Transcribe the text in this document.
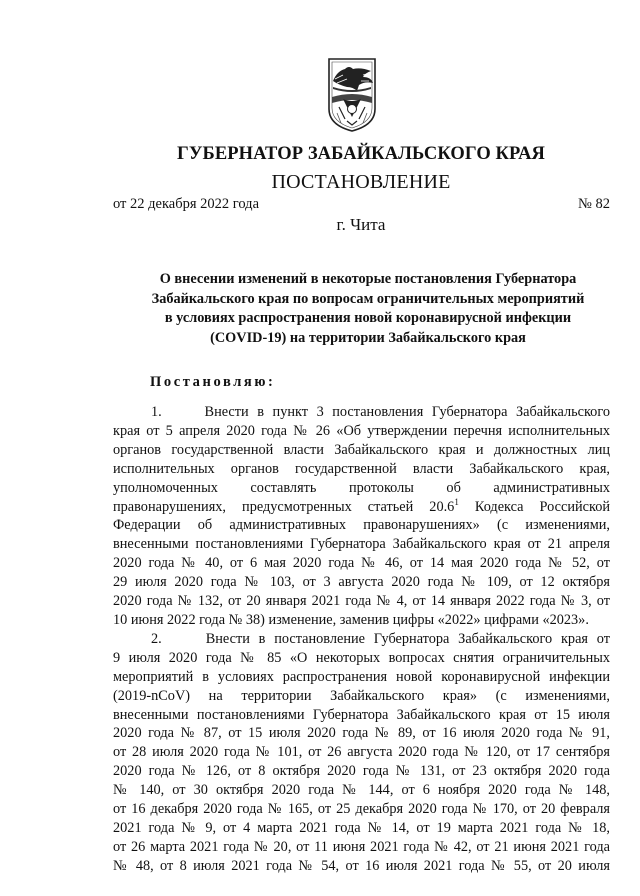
ГУБЕРНАТОР ЗАБАЙКАЛЬСКОГО КРАЯ
ПОСТАНОВЛЕНИЕ
от 22 декабря 2022 года	№ 82
г. Чита
О внесении изменений в некоторые постановления Губернатора
Забайкальского края по вопросам ограничительных мероприятий
в условиях распространения новой коронавирусной инфекции
(COVID-19) на территории Забайкальского края
Постановляю:
1.     Внести в пункт 3 постановления Губернатора Забайкальского
края от 5 апреля 2020 года № 26 «Об утверждении перечня исполнительных
органов государственной власти Забайкальского края и должностных лиц
исполнительных органов государственной власти Забайкальского края,
уполномоченных составлять протоколы об административных
правонарушениях, предусмотренных статьей 20.6$^1$ Кодекса Российской
Федерации об административных правонарушениях» (с изменениями,
внесенными постановлениями Губернатора Забайкальского края от 21 апреля
2020 года № 40, от 6 мая 2020 года № 46, от 14 мая 2020 года № 52, от
29 июля 2020 года № 103, от 3 августа 2020 года № 109, от 12 октября
2020 года № 132, от 20 января 2021 года № 4, от 14 января 2022 года № 3, от
10 июня 2022 года № 38) изменение, заменив цифры «2022» цифрами «2023».
2.     Внести в постановление Губернатора Забайкальского края от
9 июля 2020 года № 85 «О некоторых вопросах снятия ограничительных
мероприятий в условиях распространения новой коронавирусной инфекции
(2019-nCoV) на территории Забайкальского края» (с изменениями,
внесенными постановлениями Губернатора Забайкальского края от 15 июля
2020 года № 87, от 15 июля 2020 года № 89, от 16 июля 2020 года № 91,
от 28 июля 2020 года № 101, от 26 августа 2020 года № 120, от 17 сентября
2020 года № 126, от 8 октября 2020 года № 131, от 23 октября 2020 года
№ 140, от 30 октября 2020 года № 144, от 6 ноября 2020 года № 148,
от 16 декабря 2020 года № 165, от 25 декабря 2020 года № 170, от 20 февраля
2021 года № 9, от 4 марта 2021 года № 14, от 19 марта 2021 года № 18,
от 26 марта 2021 года № 20, от 11 июня 2021 года № 42, от 21 июня 2021 года
№ 48, от 8 июля 2021 года № 54, от 16 июля 2021 года № 55, от 20 июля
